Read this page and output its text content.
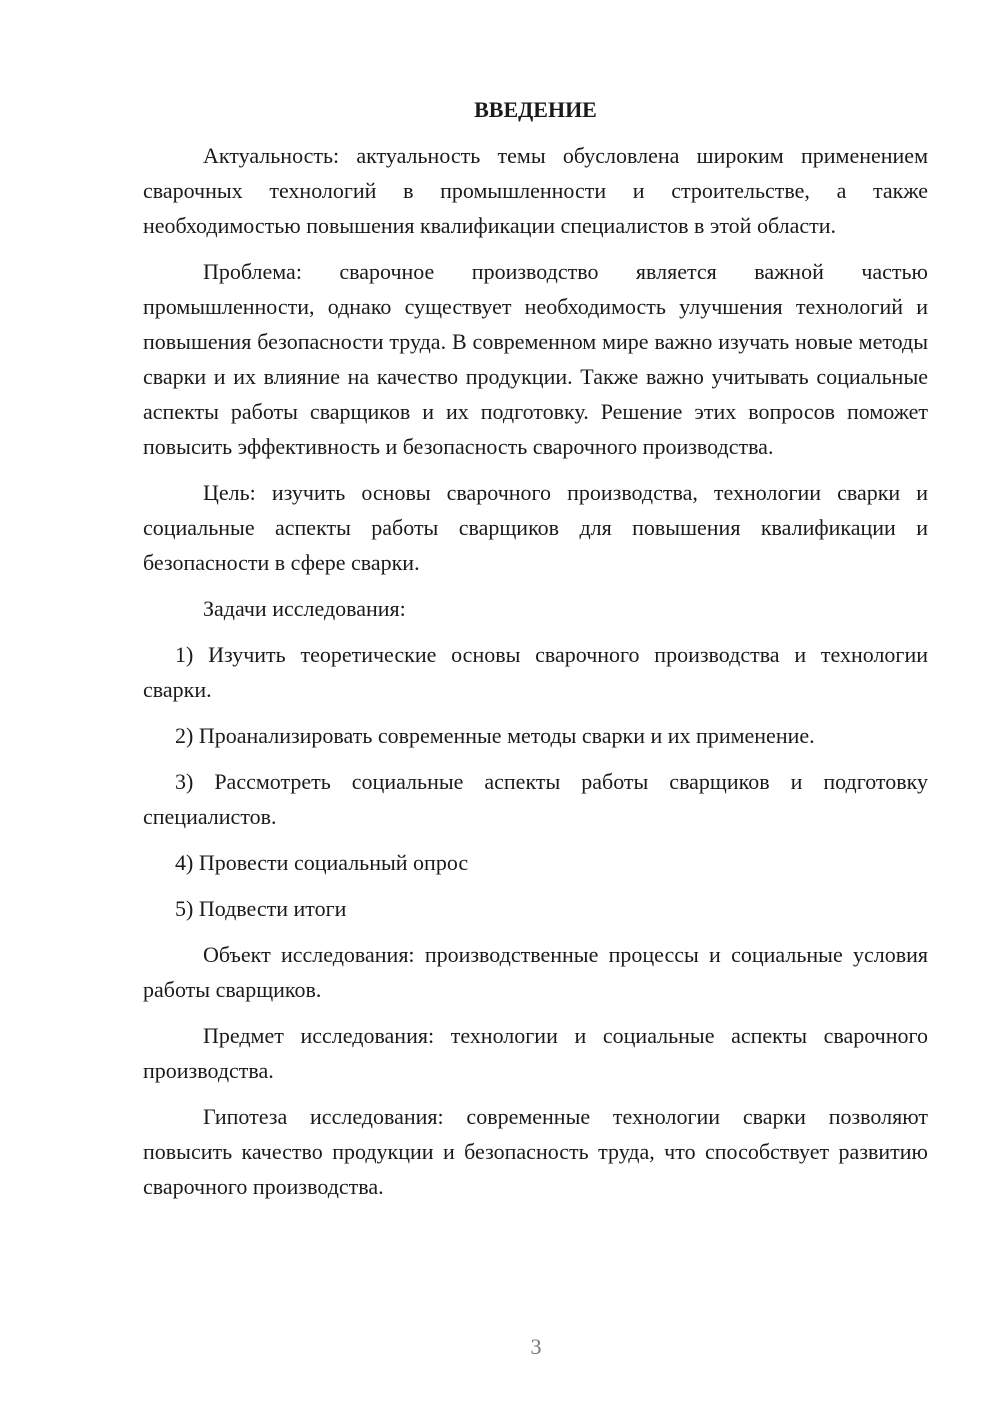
ВВЕДЕНИЕ

Актуальность: актуальность темы обусловлена широким применением сварочных технологий в промышленности и строительстве, а также необходимостью повышения квалификации специалистов в этой области.

Проблема: сварочное производство является важной частью промышленности, однако существует необходимость улучшения технологий и повышения безопасности труда. В современном мире важно изучать новые методы сварки и их влияние на качество продукции. Также важно учитывать социальные аспекты работы сварщиков и их подготовку. Решение этих вопросов поможет повысить эффективность и безопасность сварочного производства.

Цель: изучить основы сварочного производства, технологии сварки и социальные аспекты работы сварщиков для повышения квалификации и безопасности в сфере сварки.

Задачи исследования:

1) Изучить теоретические основы сварочного производства и технологии сварки.

2) Проанализировать современные методы сварки и их применение.

3) Рассмотреть социальные аспекты работы сварщиков и подготовку специалистов.

4) Провести социальный опрос

5) Подвести итоги

Объект исследования: производственные процессы и социальные условия работы сварщиков.

Предмет исследования: технологии и социальные аспекты сварочного производства.

Гипотеза исследования: современные технологии сварки позволяют повысить качество продукции и безопасность труда, что способствует развитию сварочного производства.

3
